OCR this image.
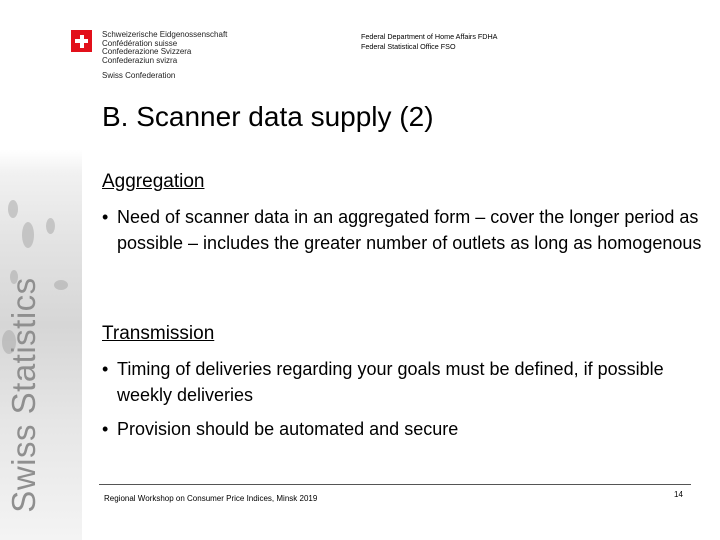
Swiss Statistics
Schweizerische Eidgenossenschaft
Confédération suisse
Confederazione Svizzera
Confederaziun svizra
Swiss Confederation
Federal Department of Home Affairs FDHA
Federal Statistical Office FSO
B. Scanner data supply (2)
Aggregation
• Need of scanner data in an aggregated form – cover the longer period as possible – includes the greater number of outlets as long as homogenous
Transmission
• Timing of deliveries regarding your goals must be defined, if possible weekly deliveries
• Provision should be automated and secure
Regional Workshop on Consumer Price Indices, Minsk 2019	14
